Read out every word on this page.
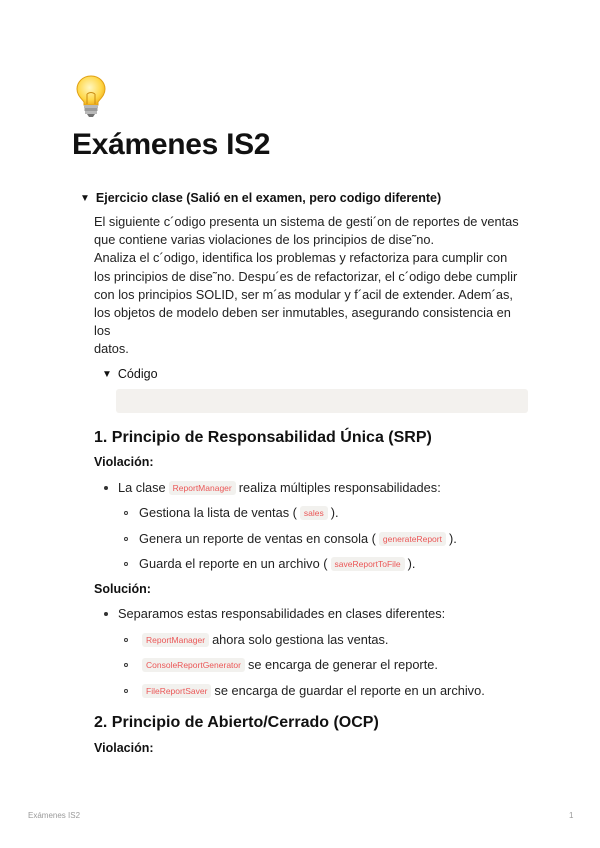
Exámenes IS2
▼ Ejercicio clase (Salió en el examen, pero codigo diferente)

El siguiente c´odigo presenta un sistema de gesti´on de reportes de ventas
que contiene varias violaciones de los principios de dise˜no.
Analiza el c´odigo, identifica los problemas y refactoriza para cumplir con
los principios de dise˜no. Despu´es de refactorizar, el c´odigo debe cumplir
con los principios SOLID, ser m´as modular y f´acil de extender. Adem´as,
los objetos de modelo deben ser inmutables, asegurando consistencia en
los
datos.

▼ Código
1. Principio de Responsabilidad Única (SRP)

Violación:

La clase ReportManager realiza múltiples responsabilidades:
Gestiona la lista de ventas ( sales ).
Genera un reporte de ventas en consola ( generateReport ).
Guarda el reporte en un archivo ( saveReportToFile ).

Solución:

Separamos estas responsabilidades en clases diferentes:
ReportManager ahora solo gestiona las ventas.
ConsoleReportGenerator se encarga de generar el reporte.
FileReportSaver se encarga de guardar el reporte en un archivo.
2. Principio de Abierto/Cerrado (OCP)

Violación:

Exámenes IS2	1
